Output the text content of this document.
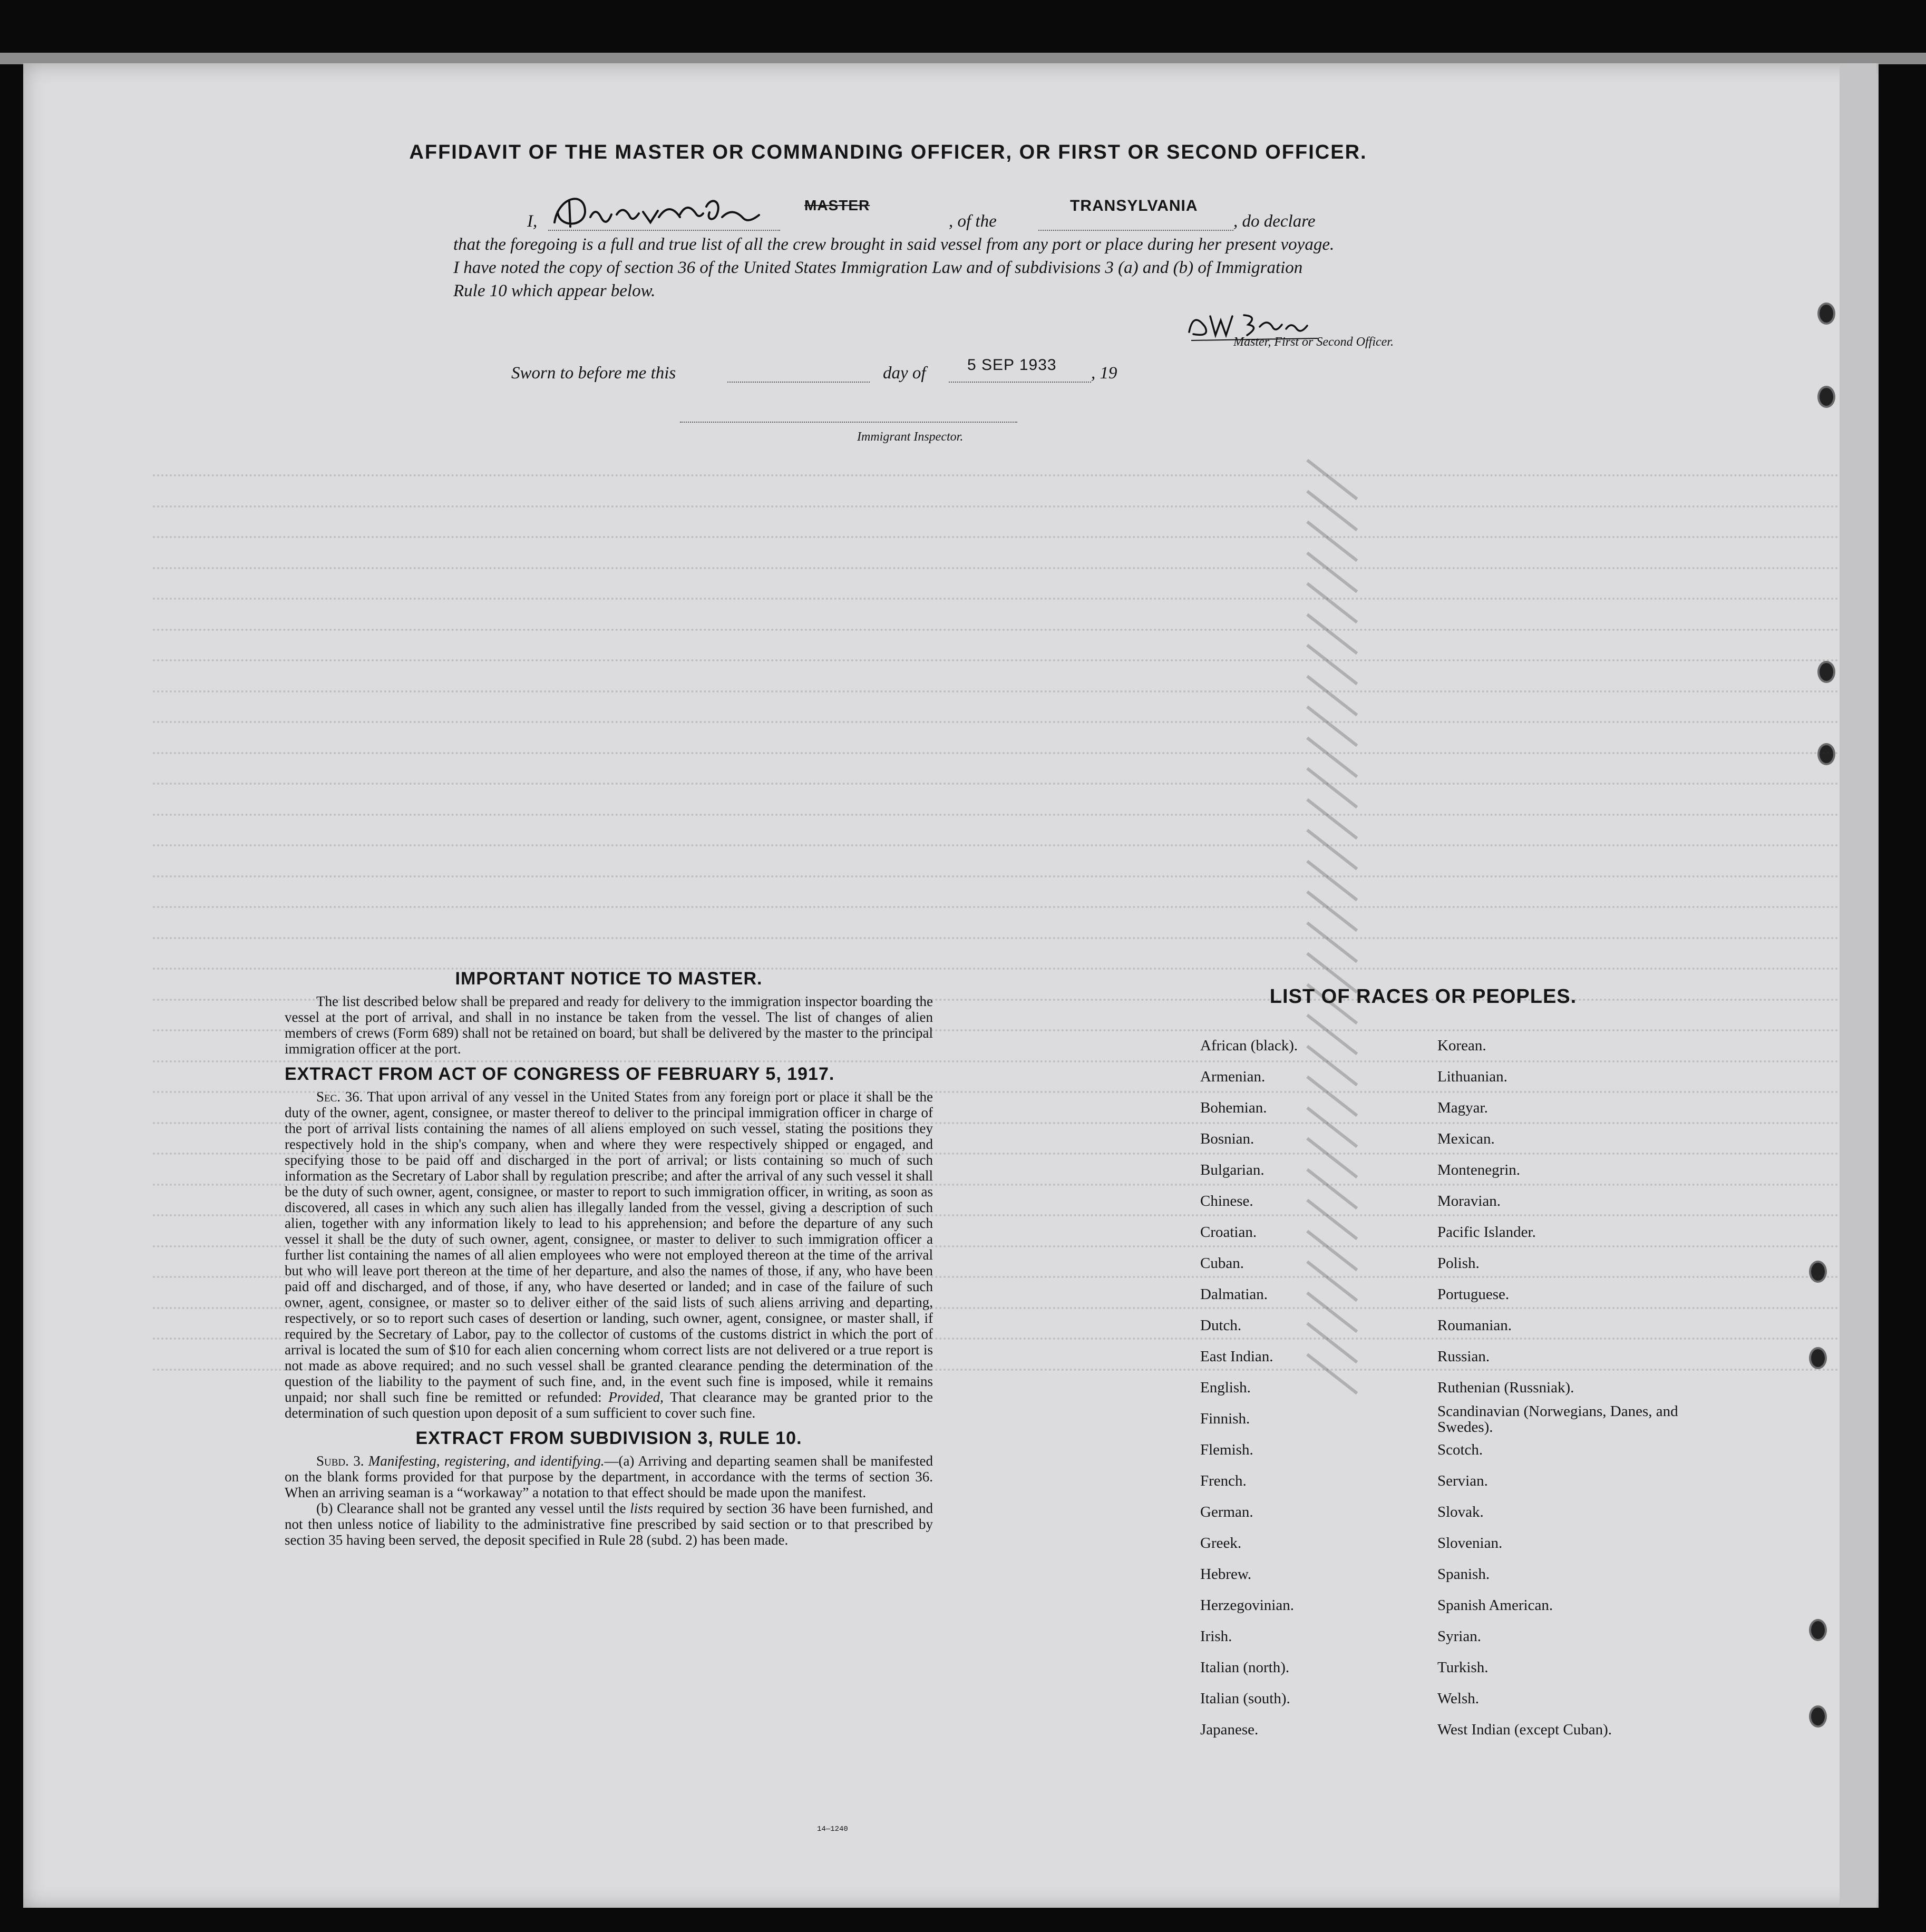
AFFIDAVIT OF THE MASTER OR COMMANDING OFFICER, OR FIRST OR SECOND OFFICER.
I,
MASTER
, of the
TRANSYLVANIA
, do declare
that the foregoing is a full and true list of all the crew brought in said vessel from any port or place during her present voyage.
I have noted the copy of section 36 of the United States Immigration Law and of subdivisions 3 (a) and (b) of Immigration
Rule 10 which appear below.
Master, First or Second Officer.
Sworn to before me this	day of	5 SEP 1933 , 19
Immigrant Inspector.
IMPORTANT NOTICE TO MASTER.

The list described below shall be prepared and ready for delivery to the immigration inspector boarding the vessel at the port of arrival, and shall in no instance be taken from the vessel. The list of changes of alien members of crews (Form 689) shall not be retained on board, but shall be delivered by the master to the principal immigration officer at the port.

EXTRACT FROM ACT OF CONGRESS OF FEBRUARY 5, 1917.

Sec. 36. That upon arrival of any vessel in the United States from any foreign port or place it shall be the duty of the owner, agent, consignee, or master thereof to deliver to the principal immigration officer in charge of the port of arrival lists containing the names of all aliens employed on such vessel, stating the positions they respectively hold in the ship's company, when and where they were respectively shipped or engaged, and specifying those to be paid off and discharged in the port of arrival; or lists containing so much of such information as the Secretary of Labor shall by regulation prescribe; and after the arrival of any such vessel it shall be the duty of such owner, agent, consignee, or master to report to such immigration officer, in writing, as soon as discovered, all cases in which any such alien has illegally landed from the vessel, giving a description of such alien, together with any information likely to lead to his apprehension; and before the departure of any such vessel it shall be the duty of such owner, agent, consignee, or master to deliver to such immigration officer a further list containing the names of all alien employees who were not employed thereon at the time of the arrival but who will leave port thereon at the time of her departure, and also the names of those, if any, who have been paid off and discharged, and of those, if any, who have deserted or landed; and in case of the failure of such owner, agent, consignee, or master so to deliver either of the said lists of such aliens arriving and departing, respectively, or so to report such cases of desertion or landing, such owner, agent, consignee, or master shall, if required by the Secretary of Labor, pay to the collector of customs of the customs district in which the port of arrival is located the sum of $10 for each alien concerning whom correct lists are not delivered or a true report is not made as above required; and no such vessel shall be granted clearance pending the determination of the question of the liability to the payment of such fine, and, in the event such fine is imposed, while it remains unpaid; nor shall such fine be remitted or refunded: Provided, That clearance may be granted prior to the determination of such question upon deposit of a sum sufficient to cover such fine.

EXTRACT FROM SUBDIVISION 3, RULE 10.

Subd. 3. Manifesting, registering, and identifying.—(a) Arriving and departing seamen shall be manifested on the blank forms provided for that purpose by the department, in accordance with the terms of section 36. When an arriving seaman is a “workaway” a notation to that effect should be made upon the manifest.

(b) Clearance shall not be granted any vessel until the lists required by section 36 have been furnished, and not then unless notice of liability to the administrative fine prescribed by said section or to that prescribed by section 35 having been served, the deposit specified in Rule 28 (subd. 2) has been made.

14—1240
LIST OF RACES OR PEOPLES.
African (black).
Armenian.
Bohemian.
Bosnian.
Bulgarian.
Chinese.
Croatian.
Cuban.
Dalmatian.
Dutch.
East Indian.
English.
Finnish.
Flemish.
French.
German.
Greek.
Hebrew.
Herzegovinian.
Irish.
Italian (north).
Italian (south).
Japanese.
Korean.
Lithuanian.
Magyar.
Mexican.
Montenegrin.
Moravian.
Pacific Islander.
Polish.
Portuguese.
Roumanian.
Russian.
Ruthenian (Russniak).
Scandinavian (Norwegians, Danes, and Swedes).
Scotch.
Servian.
Slovak.
Slovenian.
Spanish.
Spanish American.
Syrian.
Turkish.
Welsh.
West Indian (except Cuban).
